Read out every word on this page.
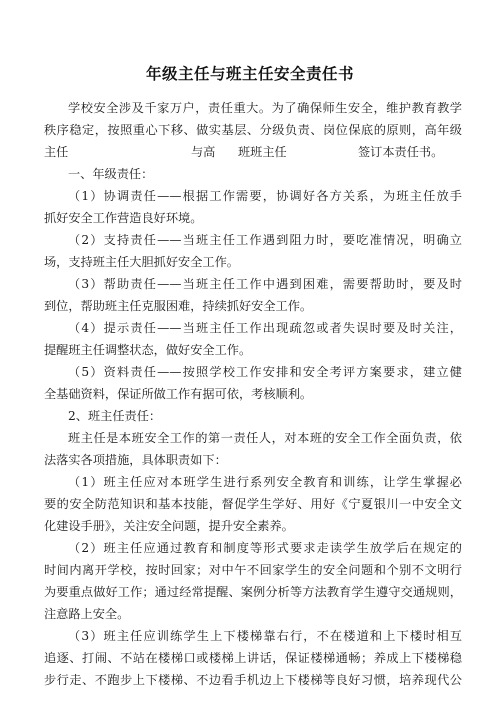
年级主任与班主任安全责任书
学校安全涉及千家万户，责任重大。为了确保师生安全，维护教育教学
秩序稳定，按照重心下移、做实基层、分级负责、岗位保底的原则，高年级
主任	与高	班班主任	签订本责任书。
一、年级责任：
（1）协调责任——根据工作需要，协调好各方关系，为班主任放手
抓好安全工作营造良好环境。
（2）支持责任——当班主任工作遇到阻力时，要吃准情况，明确立
场，支持班主任大胆抓好安全工作。
（3）帮助责任——当班主任工作中遇到困难，需要帮助时，要及时
到位，帮助班主任克服困难，持续抓好安全工作。
（4）提示责任——当班主任工作出现疏忽或者失误时要及时关注，
提醒班主任调整状态，做好安全工作。
（5）资料责任——按照学校工作安排和安全考评方案要求，建立健
全基础资料，保证所做工作有据可依，考核顺利。
2、班主任责任：
班主任是本班安全工作的第一责任人，对本班的安全工作全面负责，依
法落实各项措施，具体职责如下：
（1）班主任应对本班学生进行系列安全教育和训练，让学生掌握必
要的安全防范知识和基本技能，督促学生学好、用好《宁夏银川一中安全文
化建设手册》，关注安全问题，提升安全素养。
（2）班主任应通过教育和制度等形式要求走读学生放学后在规定的
时间内离开学校，按时回家；对中午不回家学生的安全问题和个别不文明行
为要重点做好工作；通过经常提醒、案例分析等方法教育学生遵守交通规则，
注意路上安全。
（3）班主任应训练学生上下楼梯靠右行，不在楼道和上下楼时相互
追逐、打闹、不站在楼梯口或楼梯上讲话，保证楼梯通畅；养成上下楼梯稳
步行走、不跑步上下楼梯、不边看手机边上下楼梯等良好习惯，培养现代公
